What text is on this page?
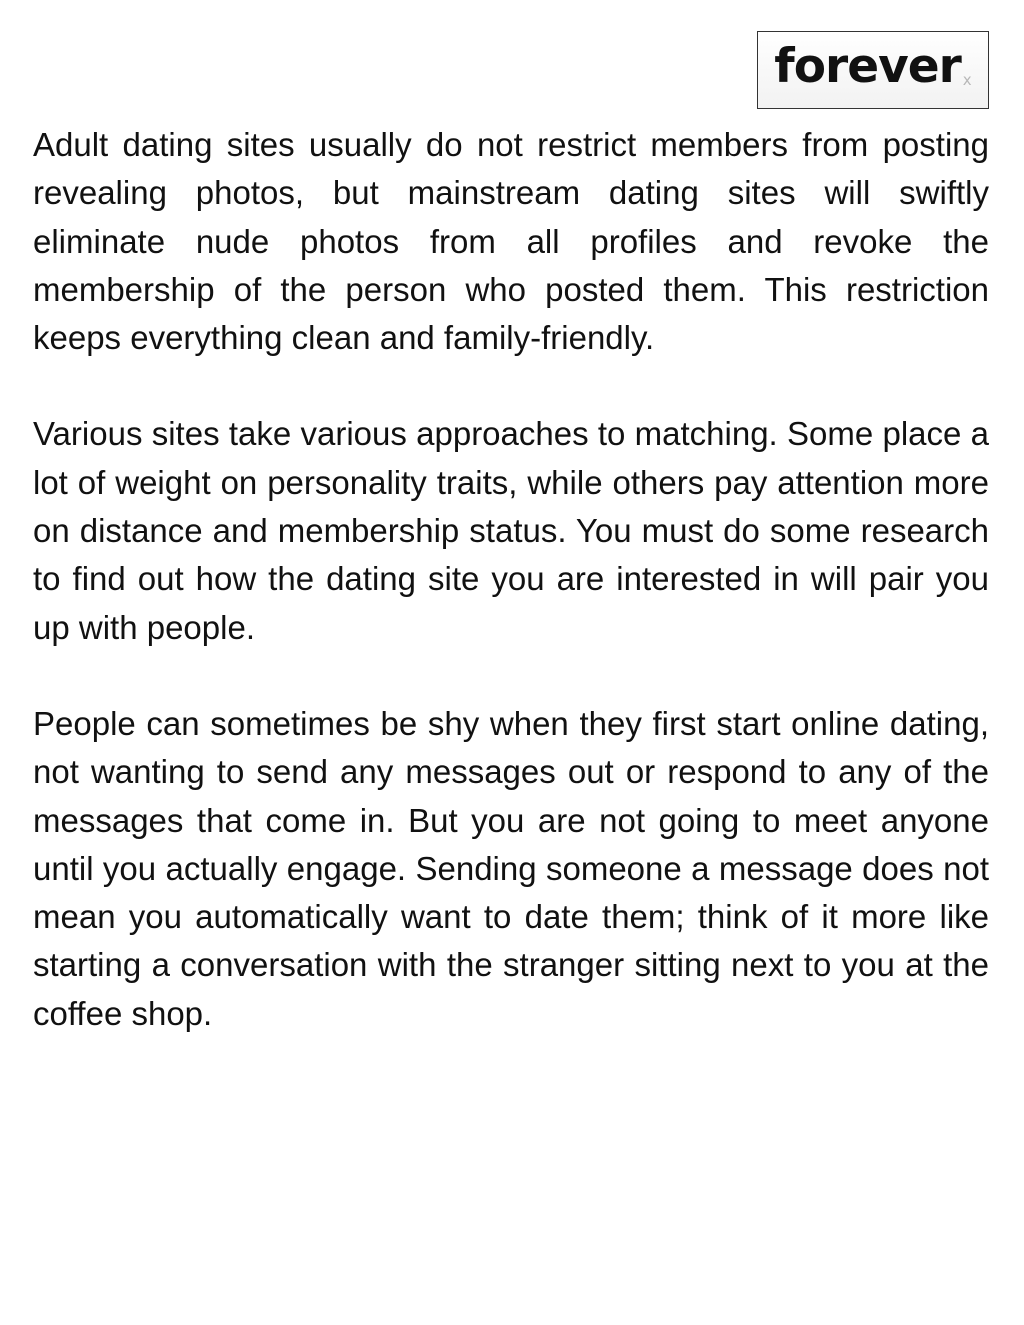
forever x

Adult dating sites usually do not restrict members from posting revealing photos, but mainstream dating sites will swiftly eliminate nude photos from all profiles and revoke the membership of the person who posted them. This restriction keeps everything clean and family-friendly.

Various sites take various approaches to matching. Some place a lot of weight on personality traits, while others pay attention more on distance and membership status. You must do some research to find out how the dating site you are interested in will pair you up with people.

People can sometimes be shy when they first start online dating, not wanting to send any messages out or respond to any of the messages that come in. But you are not going to meet anyone until you actually engage. Sending someone a message does not mean you automatically want to date them; think of it more like starting a conversation with the stranger sitting next to you at the coffee shop.
